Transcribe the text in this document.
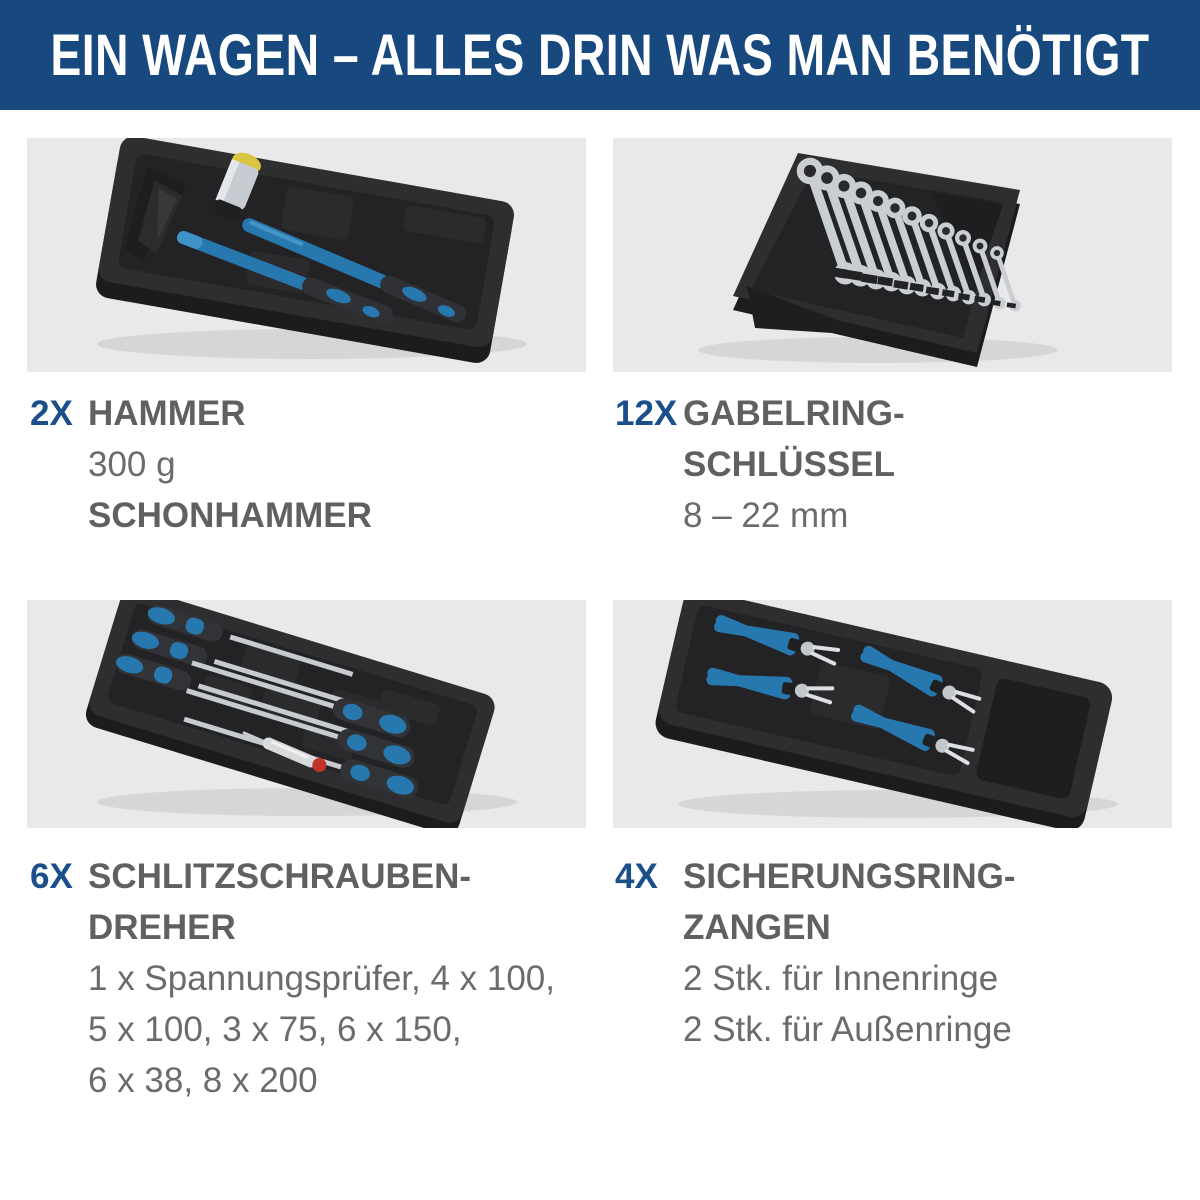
EIN WAGEN – ALLES DRIN WAS MAN BENÖTIGT
2X HAMMER
300 g
SCHONHAMMER
12X GABELRING-
SCHLÜSSEL
8 – 22 mm
6X SCHLITZSCHRAUBEN-
DREHER
1 x Spannungsprüfer, 4 x 100,
5 x 100, 3 x 75, 6 x 150,
6 x 38, 8 x 200
4X SICHERUNGSRING-
ZANGEN
2 Stk. für Innenringe
2 Stk. für Außenringe
